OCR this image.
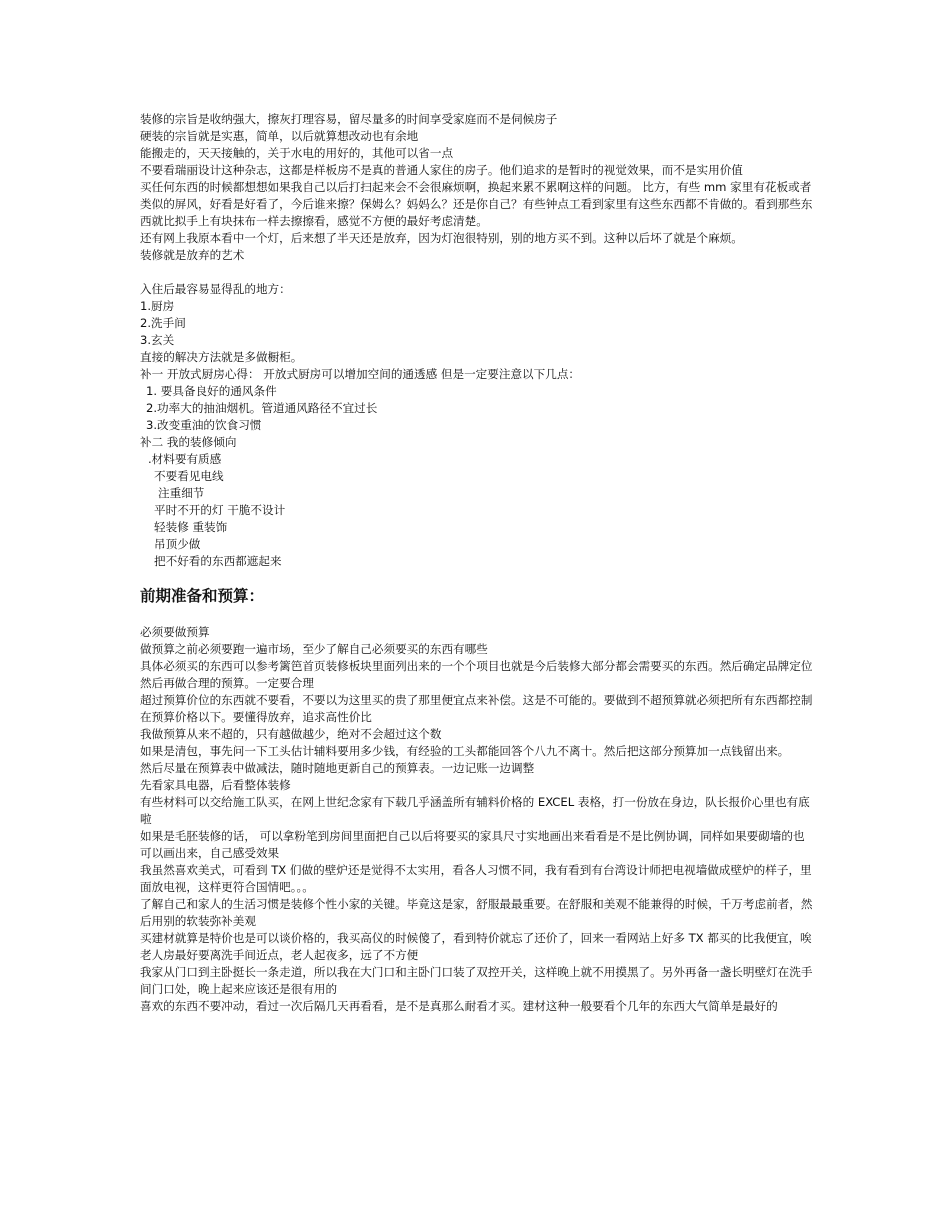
装修的宗旨是收纳强大，擦灰打理容易，留尽量多的时间享受家庭而不是伺候房子

硬装的宗旨就是实惠，简单，以后就算想改动也有余地

能搬走的，天天接触的，关于水电的用好的，其他可以省一点

不要看瑞丽设计这种杂志，这都是样板房不是真的普通人家住的房子。他们追求的是暂时的视觉效果，而不是实用价值

买任何东西的时候都想想如果我自己以后打扫起来会不会很麻烦啊，换起来累不累啊这样的问题。 比方，有些 mm 家里有花板或者类似的屏风，好看是好看了，今后谁来擦？保姆么？妈妈么？还是你自己？有些钟点工看到家里有这些东西都不肯做的。看到那些东西就比拟手上有块抹布一样去擦擦看，感觉不方便的最好考虑清楚。

还有网上我原本看中一个灯，后来想了半天还是放弃，因为灯泡很特别，别的地方买不到。这种以后坏了就是个麻烦。

装修就是放弃的艺术

入住后最容易显得乱的地方：

1.厨房

2.洗手间

3.玄关

直接的解决方法就是多做橱柜。

补一 开放式厨房心得： 开放式厨房可以增加空间的通透感 但是一定要注意以下几点：

1. 要具备良好的通风条件

2.功率大的抽油烟机。管道通风路径不宜过长

3.改变重油的饮食习惯

补二 我的装修倾向

.材料要有质感

不要看见电线

注重细节

平时不开的灯 干脆不设计

轻装修 重装饰

吊顶少做

把不好看的东西都遮起来

前期准备和预算：

必须要做预算

做预算之前必须要跑一遍市场，至少了解自己必须要买的东西有哪些

具体必须买的东西可以参考篱笆首页装修板块里面列出来的一个个项目也就是今后装修大部分都会需要买的东西。然后确定品牌定位

然后再做合理的预算。一定要合理

超过预算价位的东西就不要看，不要以为这里买的贵了那里便宜点来补偿。这是不可能的。要做到不超预算就必须把所有东西都控制在预算价格以下。要懂得放弃，追求高性价比

我做预算从来不超的，只有越做越少，绝对不会超过这个数

如果是清包，事先问一下工头估计辅料要用多少钱，有经验的工头都能回答个八九不离十。然后把这部分预算加一点钱留出来。

然后尽量在预算表中做减法，随时随地更新自己的预算表。一边记账一边调整

先看家具电器，后看整体装修

有些材料可以交给施工队买，在网上世纪念家有下载几乎涵盖所有辅料价格的 EXCEL 表格，打一份放在身边，队长报价心里也有底啦

如果是毛胚装修的话， 可以拿粉笔到房间里面把自己以后将要买的家具尺寸实地画出来看看是不是比例协调，同样如果要砌墙的也可以画出来，自己感受效果

我虽然喜欢美式，可看到 TX 们做的壁炉还是觉得不太实用，看各人习惯不同，我有看到有台湾设计师把电视墙做成壁炉的样子，里面放电视，这样更符合国情吧。。。

了解自己和家人的生活习惯是装修个性小家的关键。毕竟这是家，舒服最最重要。在舒服和美观不能兼得的时候，千万考虑前者，然后用别的软装弥补美观

买建材就算是特价也是可以谈价格的，我买高仪的时候傻了，看到特价就忘了还价了，回来一看网站上好多 TX 都买的比我便宜，唉

老人房最好要离洗手间近点，老人起夜多，远了不方便

我家从门口到主卧挺长一条走道，所以我在大门口和主卧门口装了双控开关，这样晚上就不用摸黑了。另外再备一盏长明壁灯在洗手间门口处，晚上起来应该还是很有用的

喜欢的东西不要冲动，看过一次后隔几天再看看，是不是真那么耐看才买。建材这种一般要看个几年的东西大气简单是最好的
